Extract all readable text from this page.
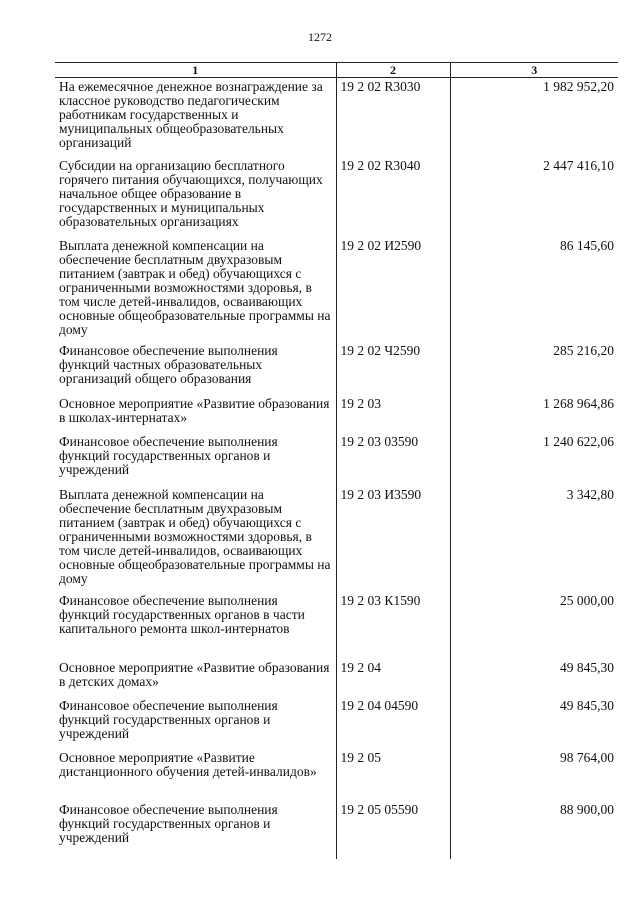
1272
1	2	3
На ежемесячное денежное вознаграждение за классное руководство педагогическим работникам государственных и муниципальных общеобразовательных организаций	19 2 02 R3030	1 982 952,20
Субсидии на организацию бесплатного горячего питания обучающихся, получающих начальное общее образование в государственных и муниципальных образовательных организациях	19 2 02 R3040	2 447 416,10
Выплата денежной компенсации на обеспечение бесплатным двухразовым питанием (завтрак и обед) обучающихся с ограниченными возможностями здоровья, в том числе детей-инвалидов, осваивающих основные общеобразовательные программы на дому	19 2 02 И2590	86 145,60
Финансовое обеспечение выполнения функций частных образовательных организаций общего образования	19 2 02 Ч2590	285 216,20
Основное мероприятие «Развитие образования в школах-интернатах»	19 2 03	1 268 964,86
Финансовое обеспечение выполнения функций государственных органов и учреждений	19 2 03 03590	1 240 622,06
Выплата денежной компенсации на обеспечение бесплатным двухразовым питанием (завтрак и обед) обучающихся с ограниченными возможностями здоровья, в том числе детей-инвалидов, осваивающих основные общеобразовательные программы на дому	19 2 03 И3590	3 342,80
Финансовое обеспечение выполнения функций государственных органов в части капитального ремонта школ-интернатов	19 2 03 К1590	25 000,00
Основное мероприятие «Развитие образования в детских домах»	19 2 04	49 845,30
Финансовое обеспечение выполнения функций государственных органов и учреждений	19 2 04 04590	49 845,30
Основное мероприятие «Развитие дистанционного обучения детей-инвалидов»	19 2 05	98 764,00
Финансовое обеспечение выполнения функций государственных органов и учреждений	19 2 05 05590	88 900,00
